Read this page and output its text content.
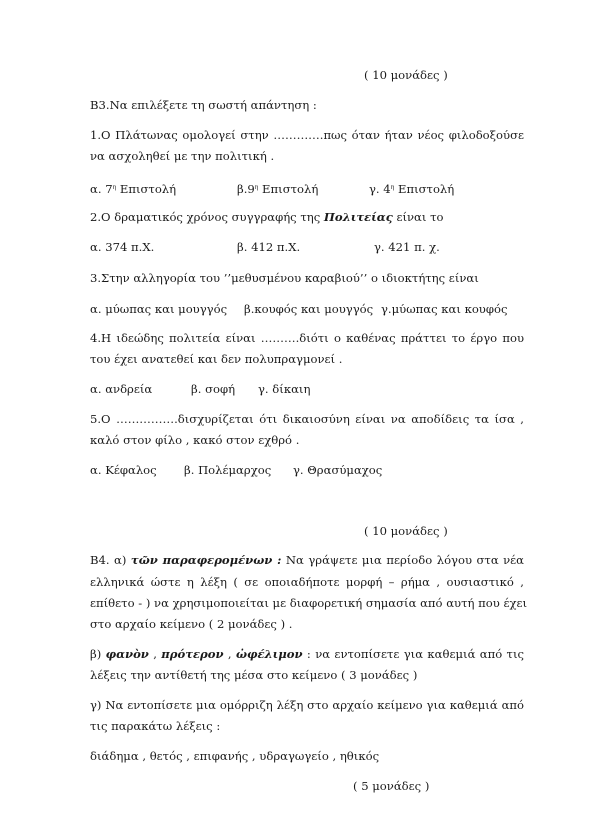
( 10 μονάδες )
Β3.Να επιλέξετε τη σωστή απάντηση :
1.Ο Πλάτωνας ομολογεί στην ………….πως όταν ήταν νέος φιλοδοξούσε
να ασχοληθεί με την πολιτική .
α. $7^\eta$ Επιστολή	$\beta.9^\eta$ Επιστολή	γ. $4^\eta$ Επιστολή
2.Ο δραματικός χρόνος συγγραφής της Πολιτείας είναι το
α. 374 π.Χ.	β. 412 π.Χ.	γ. 421 π. χ.
3.Στην αλληγορία του ’’μεθυσμένου καραβιού’’ ο ιδιοκτήτης είναι
α. μύωπας και μουγγός β.κουφός και μουγγός γ.μύωπας και κουφός
4.Η ιδεώδης πολιτεία είναι ……….διότι ο καθένας πράττει το έργο που
του έχει ανατεθεί και δεν πολυπραγμονεί .
α. ανδρεία	β. σοφή γ. δίκαιη
5.Ο …………….δισχυρίζεται ότι δικαιοσύνη είναι να αποδίδεις τα ίσα ,
καλό στον φίλο , κακό στον εχθρό .
α. Κέφαλος β. Πολέμαρχος γ. Θρασύμαχος
( 10 μονάδες )
Β4. α) τῶν παραφερομένων : Να γράψετε μια περίοδο λόγου στα νέα
ελληνικά ώστε η λέξη ( σε οποιαδήποτε μορφή – ρήμα , ουσιαστικό ,
επίθετο - ) να χρησιμοποιείται με διαφορετική σημασία από αυτή που έχει
στο αρχαίο κείμενο ( 2 μονάδες ) .
β) φανὸν , πρότερον , ὠφέλιμον : να εντοπίσετε για καθεμιά από τις
λέξεις την αντίθετή της μέσα στο κείμενο ( 3 μονάδες )
γ) Να εντοπίσετε μια ομόρριζη λέξη στο αρχαίο κείμενο για καθεμιά από
τις παρακάτω λέξεις :
διάδημα , θετός , επιφανής , υδραγωγείο , ηθικός
( 5 μονάδες )
